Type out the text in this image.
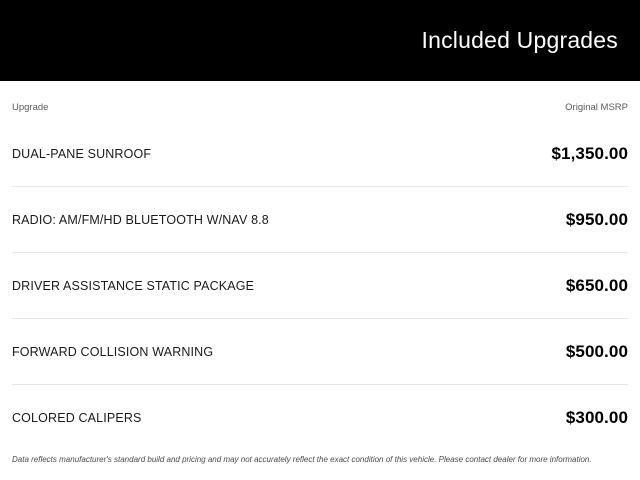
Included Upgrades
Upgrade	Original MSRP
DUAL-PANE SUNROOF	$1,350.00
RADIO: AM/FM/HD BLUETOOTH W/NAV 8.8	$950.00
DRIVER ASSISTANCE STATIC PACKAGE	$650.00
FORWARD COLLISION WARNING	$500.00
COLORED CALIPERS	$300.00
Data reflects manufacturer's standard build and pricing and may not accurately reflect the exact condition of this vehicle. Please contact dealer for more information.
